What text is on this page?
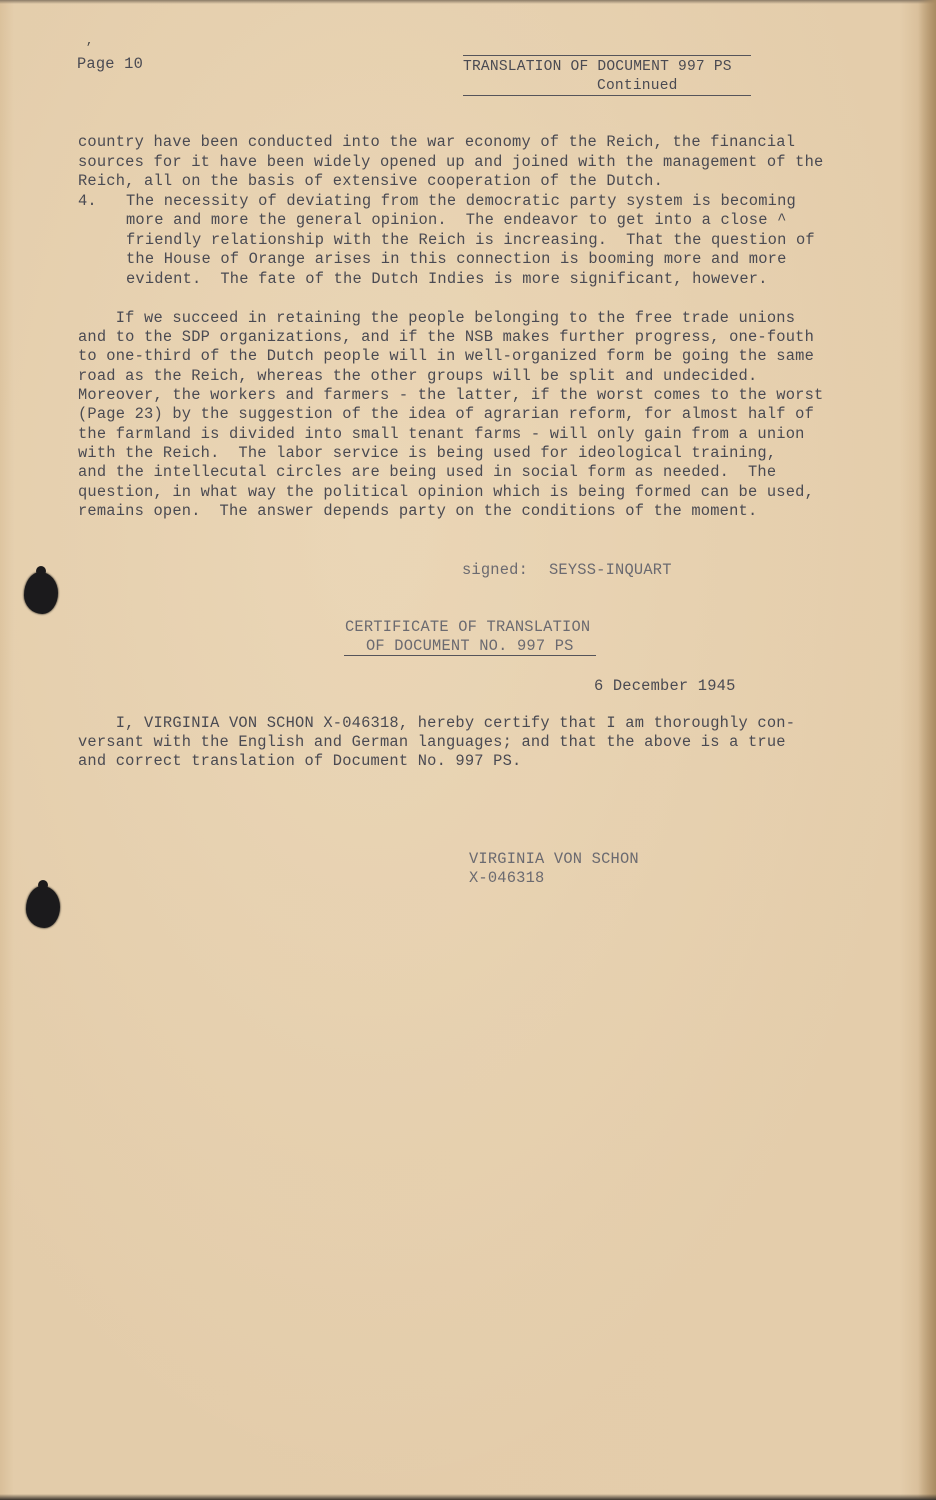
,
Page 10	TRANSLATION OF DOCUMENT 997 PS
Continued
country have been conducted into the war economy of the Reich, the financial
sources for it have been widely opened up and joined with the management of the
Reich, all on the basis of extensive cooperation of the Dutch.
4. The necessity of deviating from the democratic party system is becoming
more and more the general opinion.  The endeavor to get into a close ^
friendly relationship with the Reich is increasing.  That the question of
the House of Orange arises in this connection is booming more and more
evident.  The fate of the Dutch Indies is more significant, however.
If we succeed in retaining the people belonging to the free trade unions
and to the SDP organizations, and if the NSB makes further progress, one-fouth
to one-third of the Dutch people will in well-organized form be going the same
road as the Reich, whereas the other groups will be split and undecided.
Moreover, the workers and farmers - the latter, if the worst comes to the worst
(Page 23) by the suggestion of the idea of agrarian reform, for almost half of
the farmland is divided into small tenant farms - will only gain from a union
with the Reich.  The labor service is being used for ideological training,
and the intellecutal circles are being used in social form as needed.  The
question, in what way the political opinion which is being formed can be used,
remains open.  The answer depends party on the conditions of the moment.
signed: SEYSS-INQUART
CERTIFICATE OF TRANSLATION
OF DOCUMENT NO. 997 PS
6 December 1945
I, VIRGINIA VON SCHON X-046318, hereby certify that I am thoroughly con-
versant with the English and German languages; and that the above is a true
and correct translation of Document No. 997 PS.
VIRGINIA VON SCHON
X-046318
